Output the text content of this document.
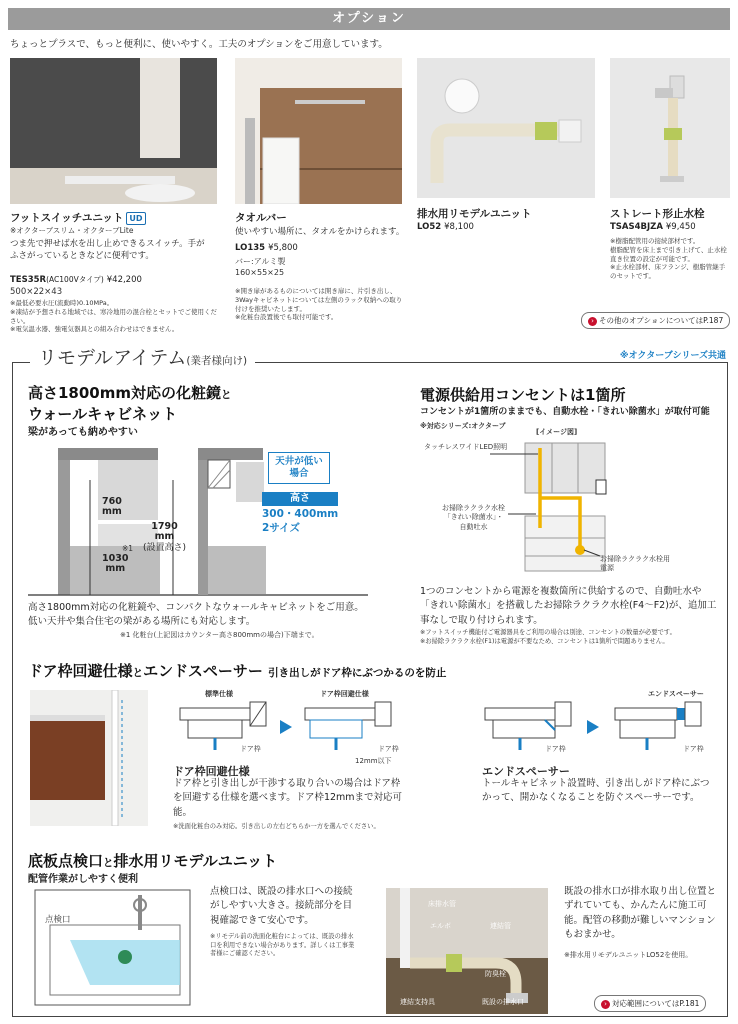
オプション
ちょっとプラスで、もっと便利に、使いやすく。工夫のオプションをご用意しています。
フットスイッチユニット UD
※オクターブスリム・オクターブLite
つま先で押せば水を出し止めできるスイッチ。手がふさがっているときなどに便利です。
TES35R(AC100Vタイプ) ¥42,200
500×22×43
※最低必要水圧(流動時)0.10MPa。
※凍結が予想される地域では、寒冷地用の混合栓とセットでご使用ください。
※電気温水器、強電気器具との組み合わせはできません。
タオルバー
使いやすい場所に、タオルをかけられます。
LO135 ¥5,800
バー:アルミ製
160×55×25
※開き扉があるものについては開き扉に、片引き出し、3Wayキャビネットについては左側のラック収納への取り付けを推奨いたします。
※化粧台設置後でも取付可能です。
排水用リモデルユニット
LO52 ¥8,100
ストレート形止水栓
TSAS4BJZA ¥9,450
※樹脂配管用の接続部材です。
樹脂配管を床上まで引き上げて、止水栓直き位置の設定が可能です。
※止水栓部材、床フランジ、樹脂管継手のセットです。
› その他のオプションについてはP.187
リモデルアイテム(業者様向け)	※オクターブシリーズ共通
高さ1800mm対応の化粧鏡と
ウォールキャビネット
梁があっても納めやすい
760
mm
※1
1030
mm
1790
mm
(設置高さ)
天井が低い場合
高さ
300・400mm
2サイズ
高さ1800mm対応の化粧鏡や、コンパクトなウォールキャビネットをご用意。低い天井や集合住宅の梁がある場所にも対応します。
※1 化粧台(上記図はカウンター高さ800mmの場合)下端まで。
電源供給用コンセントは1箇所
コンセントが1箇所のままでも、自動水栓・「きれい除菌水」が取付可能
※対応シリーズ:オクターブ
[イメージ図]
タッチレスワイドLED照明
お掃除ラクラク水栓
「きれい除菌水」・
自動吐水
お掃除ラクラク水栓用
電源
1つのコンセントから電源を複数箇所に供給するので、自動吐水や「きれい除菌水」を搭載したお掃除ラクラク水栓(F4〜F2)が、追加工事なしで取り付けられます。
※フットスイッチ機能付ご電源器具をご利用の場合は別途、コンセントの数量が必要です。
※お掃除ラクラク水栓(F1)は電源が不要なため、コンセントは1箇所で問題ありません。
ドア枠回避仕様とエンドスペーサー 引き出しがドア枠にぶつかるのを防止
標準仕様	ドア枠回避仕様
ドア枠	ドア枠
12mm以下
エンドスペーサー
ドア枠	ドア枠
ドア枠回避仕様
ドア枠と引き出しが干渉する取り合いの場合はドア枠を回避する仕様を選べます。ドア枠12mmまで対応可能。
※洗面化粧台のみ対応。引き出しの左右どちらか一方を選んでください。
エンドスペーサー
トールキャビネット設置時、引き出しがドア枠にぶつかって、開かなくなることを防ぐスペーサーです。
底板点検口と排水用リモデルユニット
配管作業がしやすく便利
点検口
点検口は、既設の排水口への接続がしやすい大きさ。接続部分を目視確認できて安心です。
※リモデル前の洗面化粧台によっては、既設の排水口を利用できない場合があります。詳しくは工事業者様にご確認ください。
床排水管
エルボ	連結管
防臭栓
連結支持具	既設の排水口
既設の排水口が排水取り出し位置とずれていても、かんたんに施工可能。配管の移動が難しいマンションもおまかせ。
※排水用リモデルユニットLO52を使用。
› 対応範囲についてはP.181
